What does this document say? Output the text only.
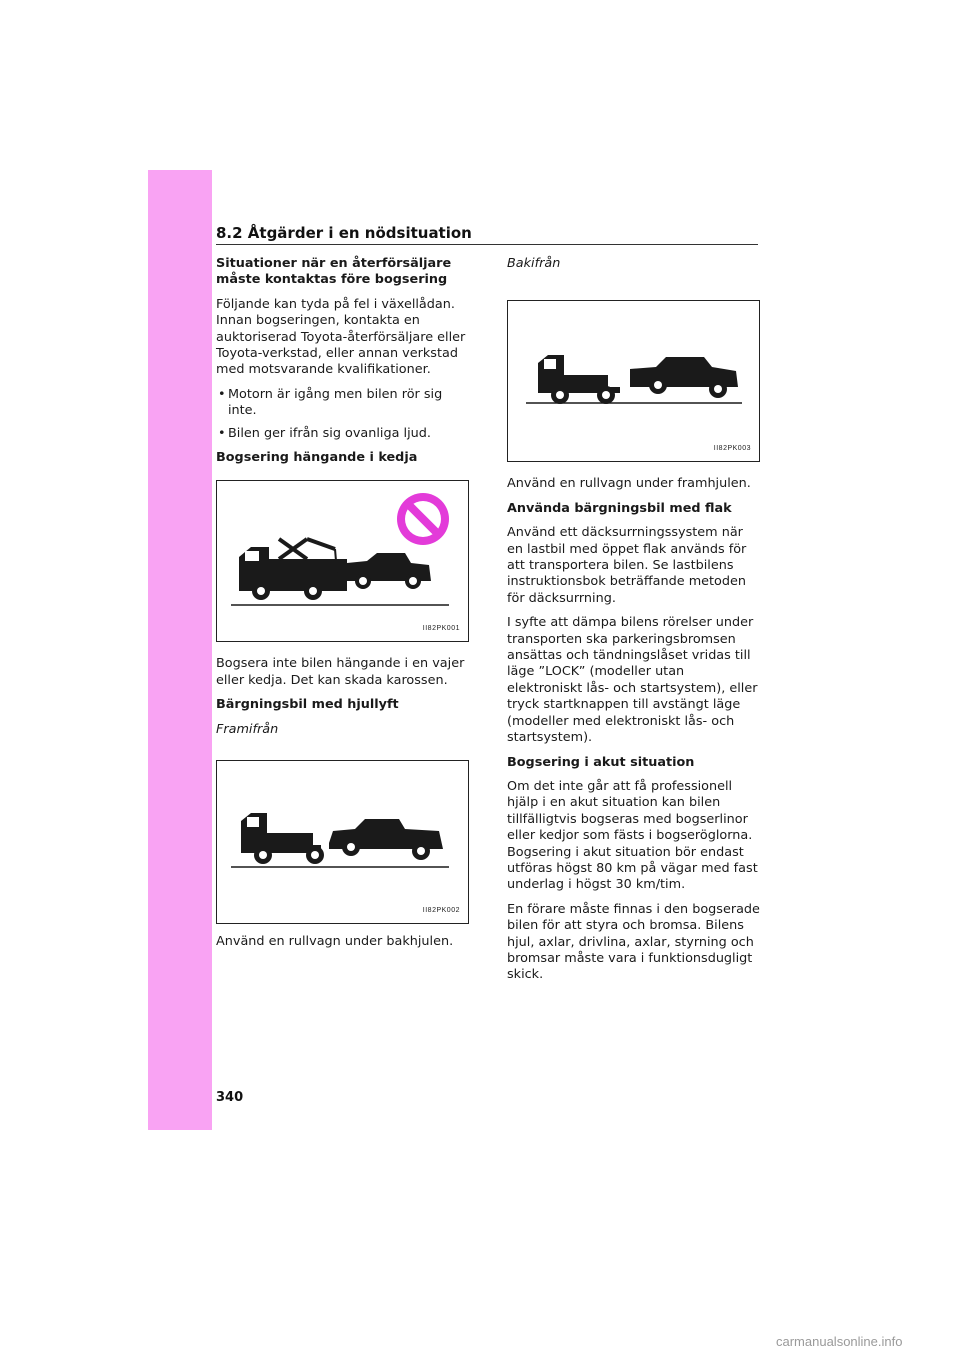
8.2 Åtgärder i en nödsituation
Situationer när en återförsäljare måste kontaktas före bogsering

Följande kan tyda på fel i växellådan. Innan bogseringen, kontakta en auktoriserad Toyota-återförsäljare eller Toyota-verkstad, eller annan verkstad med motsvarande kvalifikationer.

• Motorn är igång men bilen rör sig inte.
• Bilen ger ifrån sig ovanliga ljud.
Bogsering hängande i kedja
II82PK001

Bogsera inte bilen hängande i en vajer eller kedja. Det kan skada karossen.

Bärgningsbil med hjullyft

Framifrån

II82PK002

Använd en rullvagn under bakhjulen.

Bakifrån

II82PK003

Använd en rullvagn under framhjulen.

Använda bärgningsbil med flak

Använd ett däcksurrningssystem när en lastbil med öppet flak används för att transportera bilen. Se lastbilens instruktionsbok beträffande metoden för däcksurrning.

I syfte att dämpa bilens rörelser under transporten ska parkeringsbromsen ansättas och tändningslåset vridas till läge ”LOCK” (modeller utan elektroniskt lås- och startsystem), eller tryck startknappen till avstängt läge (modeller med elektroniskt lås- och startsystem).

Bogsering i akut situation

Om det inte går att få professionell hjälp i en akut situation kan bilen tillfälligtvis bogseras med bogserlinor eller kedjor som fästs i bogseröglorna. Bogsering i akut situation bör endast utföras högst 80 km på vägar med fast underlag i högst 30 km/tim.

En förare måste finnas i den bogserade bilen för att styra och bromsa. Bilens hjul, axlar, drivlina, axlar, styrning och bromsar måste vara i funktionsdugligt skick.

340
carmanualsonline.info
